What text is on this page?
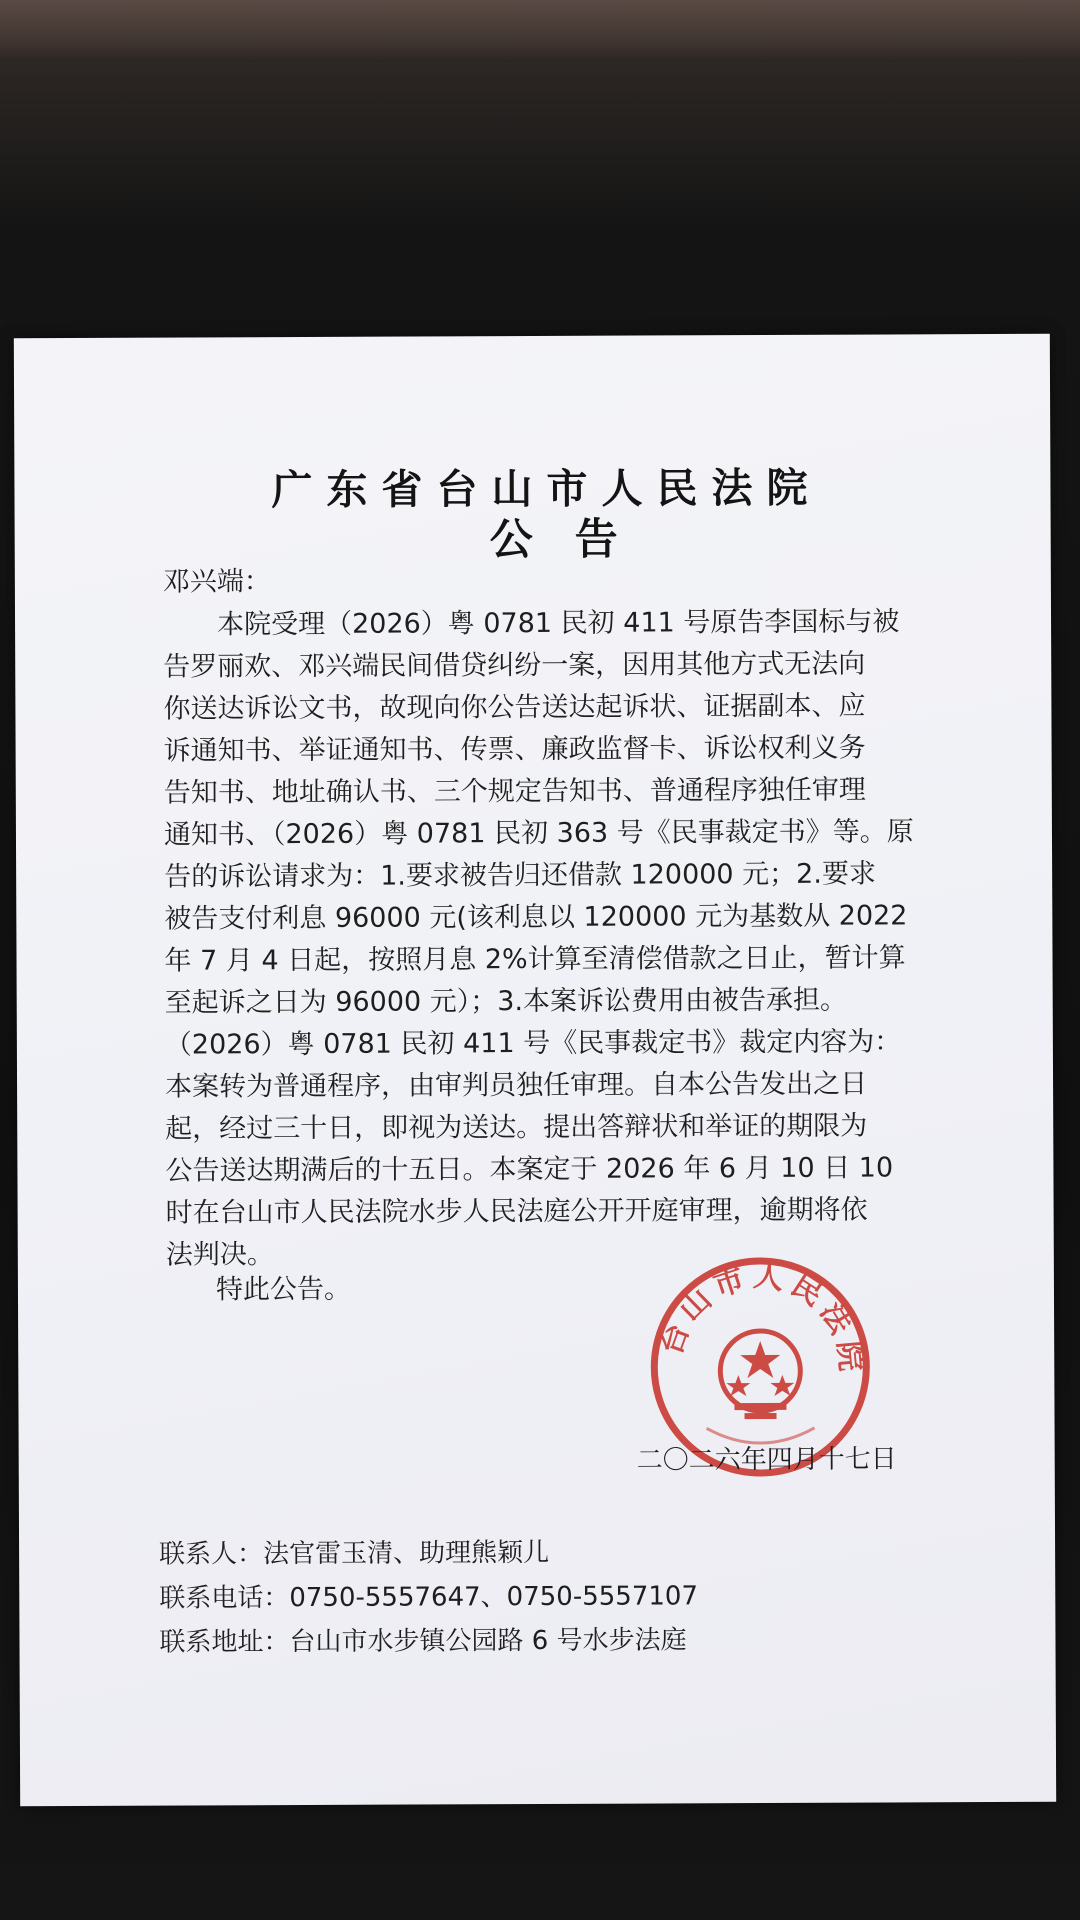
广东省台山市人民法院
公告
邓兴端：
　　本院受理（2026）粤 0781 民初 411 号原告李国标与被
告罗丽欢、邓兴端民间借贷纠纷一案，因用其他方式无法向
你送达诉讼文书，故现向你公告送达起诉状、证据副本、应
诉通知书、举证通知书、传票、廉政监督卡、诉讼权利义务
告知书、地址确认书、三个规定告知书、普通程序独任审理
通知书、（2026）粤 0781 民初 363 号《民事裁定书》等。原
告的诉讼请求为：1.要求被告归还借款 120000 元；2.要求
被告支付利息 96000 元(该利息以 120000 元为基数从 2022
年 7 月 4 日起，按照月息 2%计算至清偿借款之日止，暂计算
至起诉之日为 96000 元）；3.本案诉讼费用由被告承担。
（2026）粤 0781 民初 411 号《民事裁定书》裁定内容为：
本案转为普通程序，由审判员独任审理。自本公告发出之日
起，经过三十日，即视为送达。提出答辩状和举证的期限为
公告送达期满后的十五日。本案定于 2026 年 6 月 10 日 10
时在台山市人民法院水步人民法庭公开开庭审理，逾期将依
法判决。
特此公告。
台山市人民法院
二〇二六年四月十七日
联系人：法官雷玉清、助理熊颖儿
联系电话：0750-5557647、0750-5557107
联系地址：台山市水步镇公园路 6 号水步法庭
